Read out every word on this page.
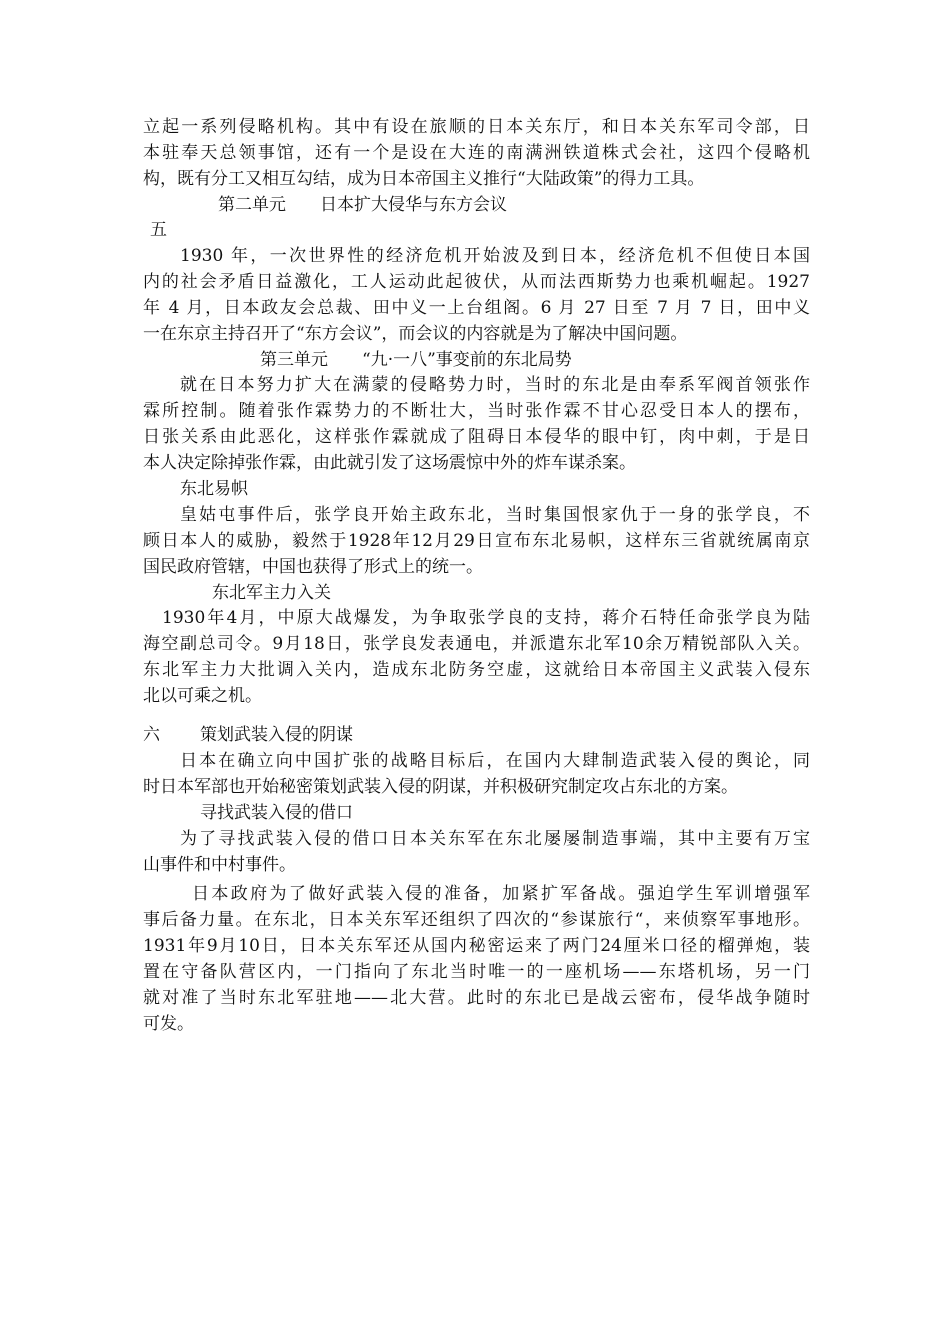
立起一系列侵略机构。其中有设在旅顺的日本关东厅，和日本关东军司令部，日
本驻奉天总领事馆，还有一个是设在大连的南满洲铁道株式会社，这四个侵略机
构，既有分工又相互勾结，成为日本帝国主义推行“大陆政策”的得力工具。
第二单元　　日本扩大侵华与东方会议
五
1930 年，一次世界性的经济危机开始波及到日本，经济危机不但使日本国
内的社会矛盾日益激化，工人运动此起彼伏，从而法西斯势力也乘机崛起。1927
年 4 月，日本政友会总裁、田中义一上台组阁。6 月 27 日至 7 月 7 日，田中义
一在东京主持召开了“东方会议”，而会议的内容就是为了解决中国问题。
第三单元　　“九·一八”事变前的东北局势
就在日本努力扩大在满蒙的侵略势力时，当时的东北是由奉系军阀首领张作
霖所控制。随着张作霖势力的不断壮大，当时张作霖不甘心忍受日本人的摆布，
日张关系由此恶化，这样张作霖就成了阻碍日本侵华的眼中钉，肉中刺，于是日
本人决定除掉张作霖，由此就引发了这场震惊中外的炸车谋杀案。
东北易帜
皇姑屯事件后，张学良开始主政东北，当时集国恨家仇于一身的张学良，不
顾日本人的威胁，毅然于1928年12月29日宣布东北易帜，这样东三省就统属南京
国民政府管辖，中国也获得了形式上的统一。
东北军主力入关
1930年4月，中原大战爆发，为争取张学良的支持，蒋介石特任命张学良为陆
海空副总司令。9月18日，张学良发表通电，并派遣东北军10余万精锐部队入关。
东北军主力大批调入关内，造成东北防务空虚，这就给日本帝国主义武装入侵东
北以可乘之机。
六 策划武装入侵的阴谋
日本在确立向中国扩张的战略目标后，在国内大肆制造武装入侵的舆论，同
时日本军部也开始秘密策划武装入侵的阴谋，并积极研究制定攻占东北的方案。
寻找武装入侵的借口
为了寻找武装入侵的借口日本关东军在东北屡屡制造事端，其中主要有万宝
山事件和中村事件。
日本政府为了做好武装入侵的准备，加紧扩军备战。强迫学生军训增强军
事后备力量。在东北，日本关东军还组织了四次的“参谋旅行“，来侦察军事地形。
1931年9月10日，日本关东军还从国内秘密运来了两门24厘米口径的榴弹炮，装
置在守备队营区内，一门指向了东北当时唯一的一座机场——东塔机场，另一门
就对准了当时东北军驻地——北大营。此时的东北已是战云密布，侵华战争随时
可发。
